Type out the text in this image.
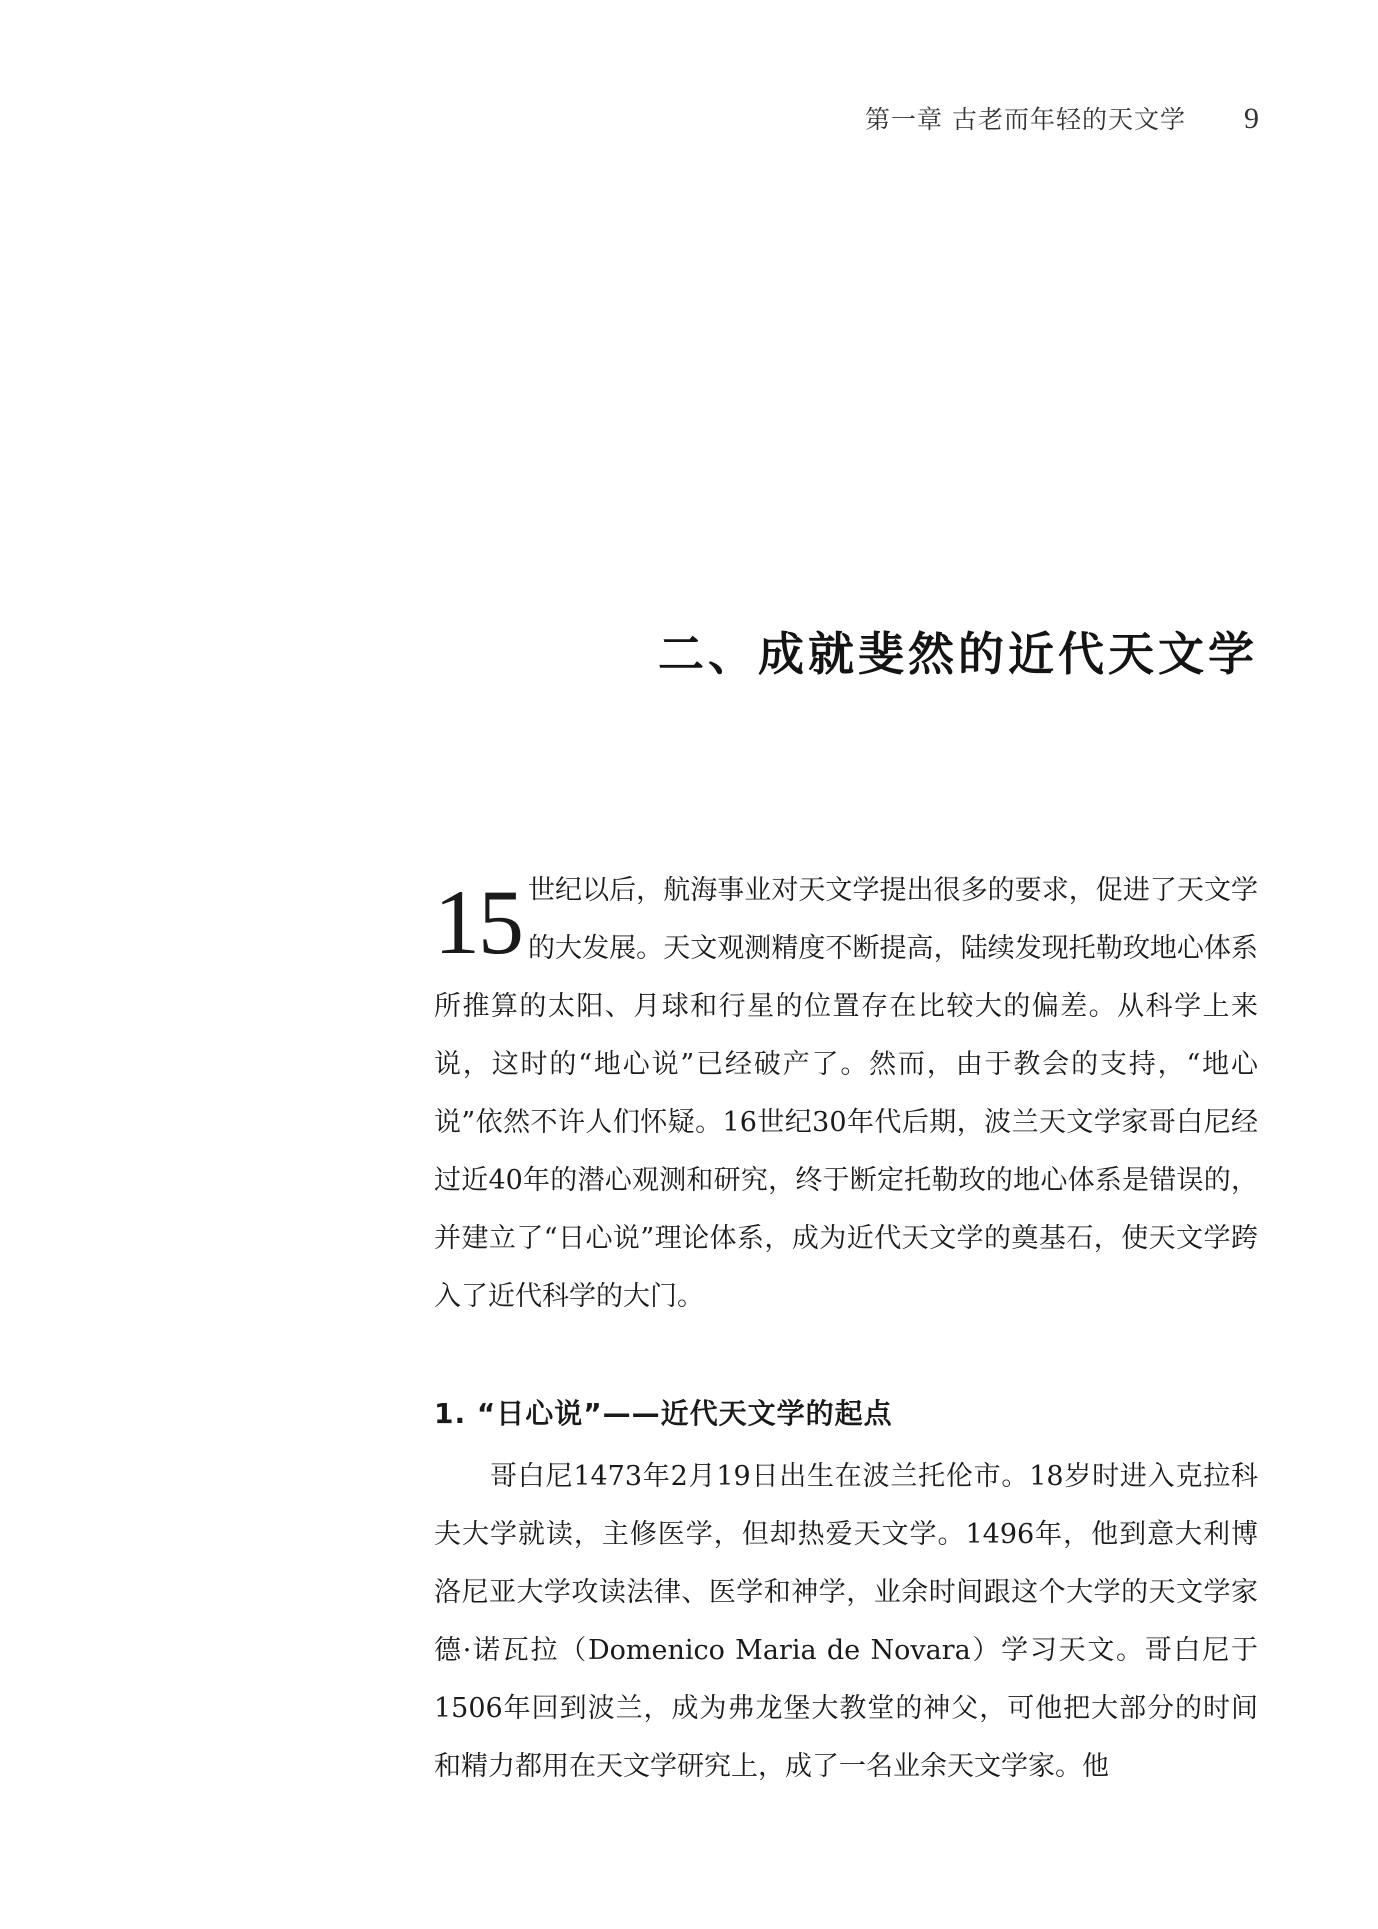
第一章 古老而年轻的天文学 9
二、成就斐然的近代天文学

15 世纪以后，航海事业对天文学提出很多的要求，促进了天文学的大发展。天文观测精度不断提高，陆续发现托勒玫地心体系所推算的太阳、月球和行星的位置存在比较大的偏差。从科学上来说，这时的“地心说”已经破产了。然而，由于教会的支持，“地心说”依然不许人们怀疑。16世纪30年代后期，波兰天文学家哥白尼经过近40年的潜心观测和研究，终于断定托勒玫的地心体系是错误的，并建立了“日心说”理论体系，成为近代天文学的奠基石，使天文学跨入了近代科学的大门。

1. “日心说”——近代天文学的起点

哥白尼1473年2月19日出生在波兰托伦市。18岁时进入克拉科夫大学就读，主修医学，但却热爱天文学。1496年，他到意大利博洛尼亚大学攻读法律、医学和神学，业余时间跟这个大学的天文学家德·诺瓦拉（Domenico Maria de Novara）学习天文。哥白尼于1506年回到波兰，成为弗龙堡大教堂的神父，可他把大部分的时间和精力都用在天文学研究上，成了一名业余天文学家。他
